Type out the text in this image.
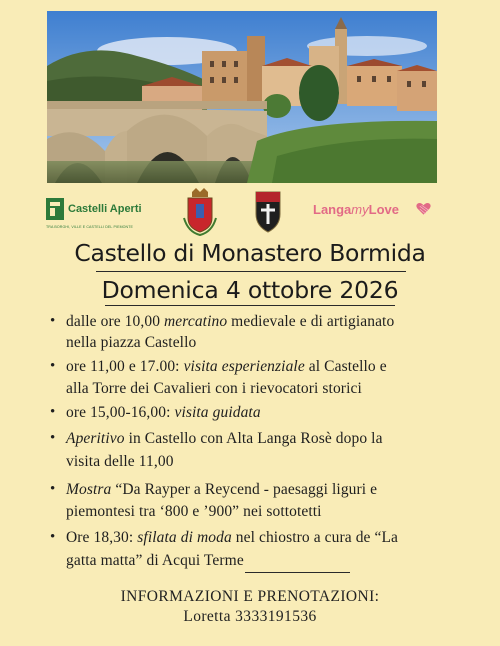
Castelli Aperti
TRA BORGHI, VILLE E CASTELLI DEL PIEMONTE
LangamyLove
Castello di Monastero Bormida
Domenica 4 ottobre 2026
• dalle ore 10,00 mercatino medievale e di artigianato
nella piazza Castello
• ore 11,00 e 17.00: visita esperienziale al Castello e
alla Torre dei Cavalieri con i rievocatori storici
• ore 15,00-16,00: visita guidata
• Aperitivo in Castello con Alta Langa Rosè dopo la
visita delle 11,00
• Mostra “Da Rayper a Reycend - paesaggi liguri e
piemontesi tra ‘800 e ’900” nei sottotetti
• Ore 18,30: sfilata di moda nel chiostro a cura de “La
gatta matta” di Acqui Terme
INFORMAZIONI E PRENOTAZIONI:
Loretta 3333191536
